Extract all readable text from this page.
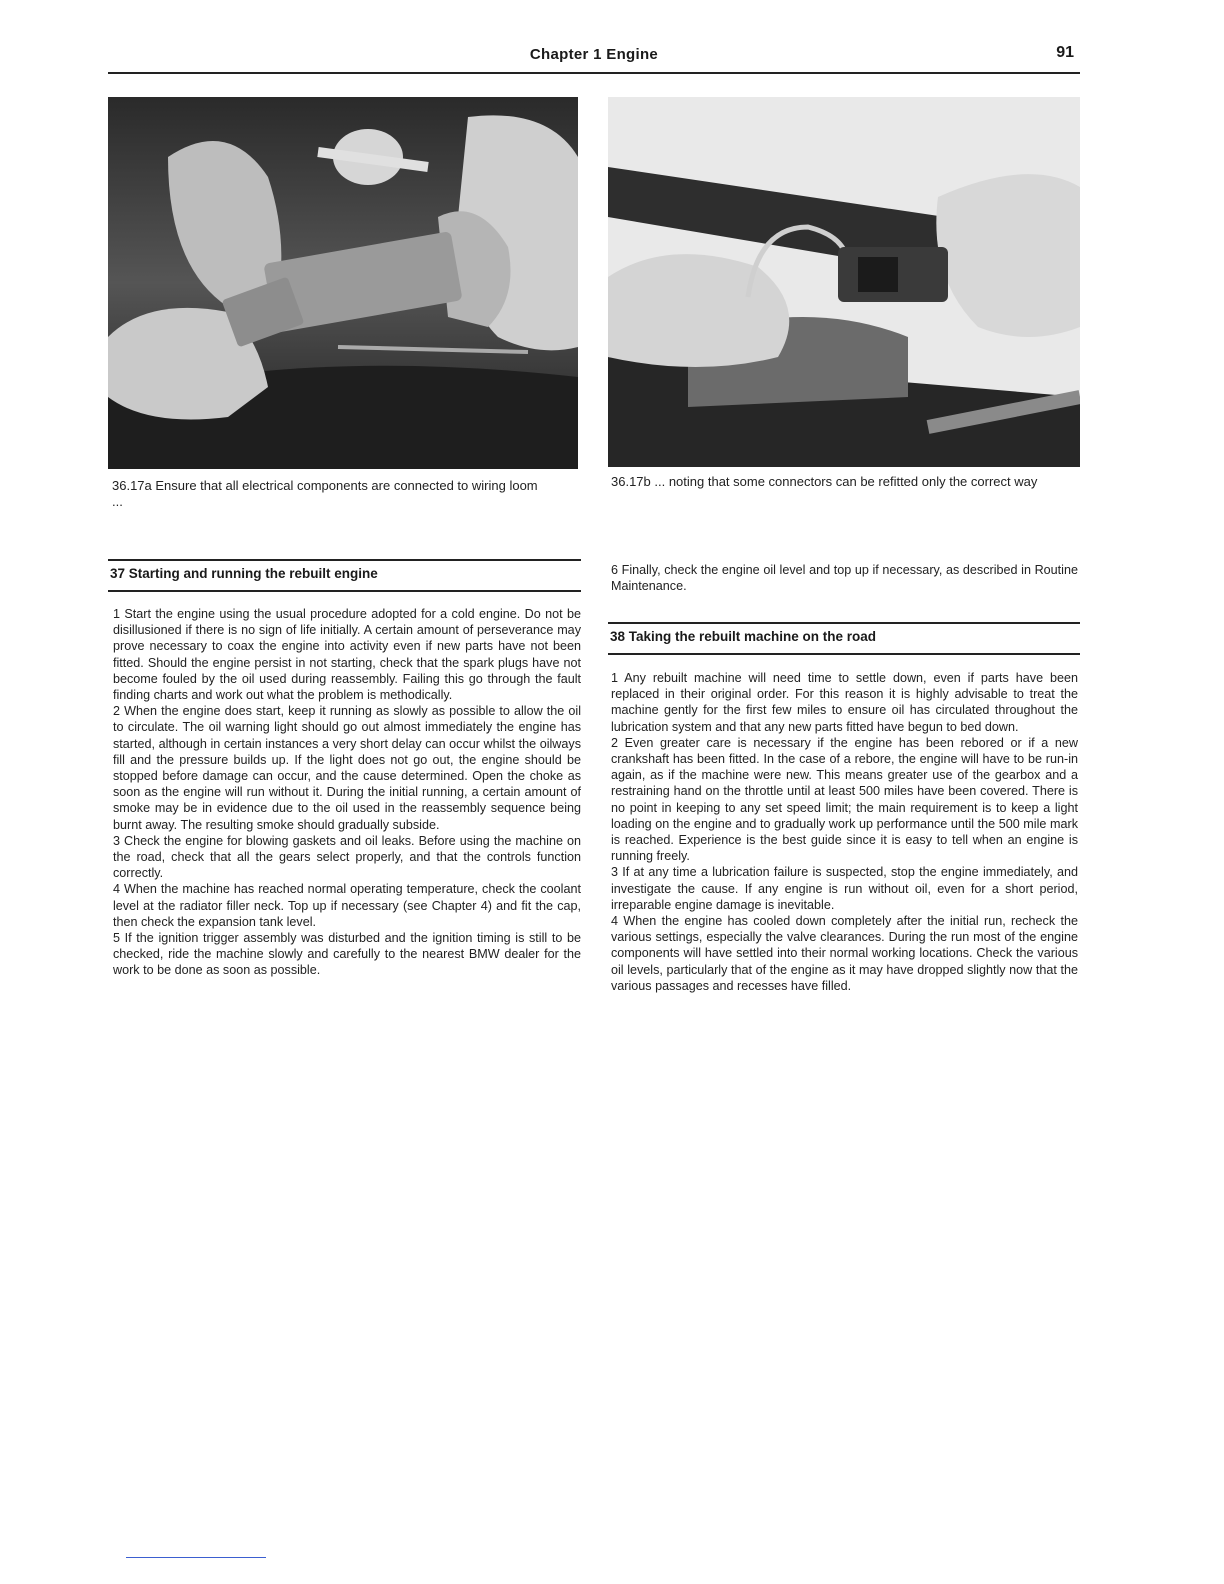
Chapter 1 Engine	91
36.17a Ensure that all electrical components are connected to wiring loom ...
36.17b ... noting that some connectors can be refitted only the correct way
37 Starting and running the rebuilt engine

1 Start the engine using the usual procedure adopted for a cold engine. Do not be disillusioned if there is no sign of life initially. A certain amount of perseverance may prove necessary to coax the engine into activity even if new parts have not been fitted. Should the engine persist in not starting, check that the spark plugs have not become fouled by the oil used during reassembly. Failing this go through the fault finding charts and work out what the problem is methodically.

2 When the engine does start, keep it running as slowly as possible to allow the oil to circulate. The oil warning light should go out almost immediately the engine has started, although in certain instances a very short delay can occur whilst the oilways fill and the pressure builds up. If the light does not go out, the engine should be stopped before damage can occur, and the cause determined. Open the choke as soon as the engine will run without it. During the initial running, a certain amount of smoke may be in evidence due to the oil used in the reassembly sequence being burnt away. The resulting smoke should gradually subside.

3 Check the engine for blowing gaskets and oil leaks. Before using the machine on the road, check that all the gears select properly, and that the controls function correctly.

4 When the machine has reached normal operating temperature, check the coolant level at the radiator filler neck. Top up if necessary (see Chapter 4) and fit the cap, then check the expansion tank level.

5 If the ignition trigger assembly was disturbed and the ignition timing is still to be checked, ride the machine slowly and carefully to the nearest BMW dealer for the work to be done as soon as possible.

6 Finally, check the engine oil level and top up if necessary, as described in Routine Maintenance.

38 Taking the rebuilt machine on the road

1 Any rebuilt machine will need time to settle down, even if parts have been replaced in their original order. For this reason it is highly advisable to treat the machine gently for the first few miles to ensure oil has circulated throughout the lubrication system and that any new parts fitted have begun to bed down.

2 Even greater care is necessary if the engine has been rebored or if a new crankshaft has been fitted. In the case of a rebore, the engine will have to be run-in again, as if the machine were new. This means greater use of the gearbox and a restraining hand on the throttle until at least 500 miles have been covered. There is no point in keeping to any set speed limit; the main requirement is to keep a light loading on the engine and to gradually work up performance until the 500 mile mark is reached. Experience is the best guide since it is easy to tell when an engine is running freely.

3 If at any time a lubrication failure is suspected, stop the engine immediately, and investigate the cause. If any engine is run without oil, even for a short period, irreparable engine damage is inevitable.

4 When the engine has cooled down completely after the initial run, recheck the various settings, especially the valve clearances. During the run most of the engine components will have settled into their normal working locations. Check the various oil levels, particularly that of the engine as it may have dropped slightly now that the various passages and recesses have filled.
